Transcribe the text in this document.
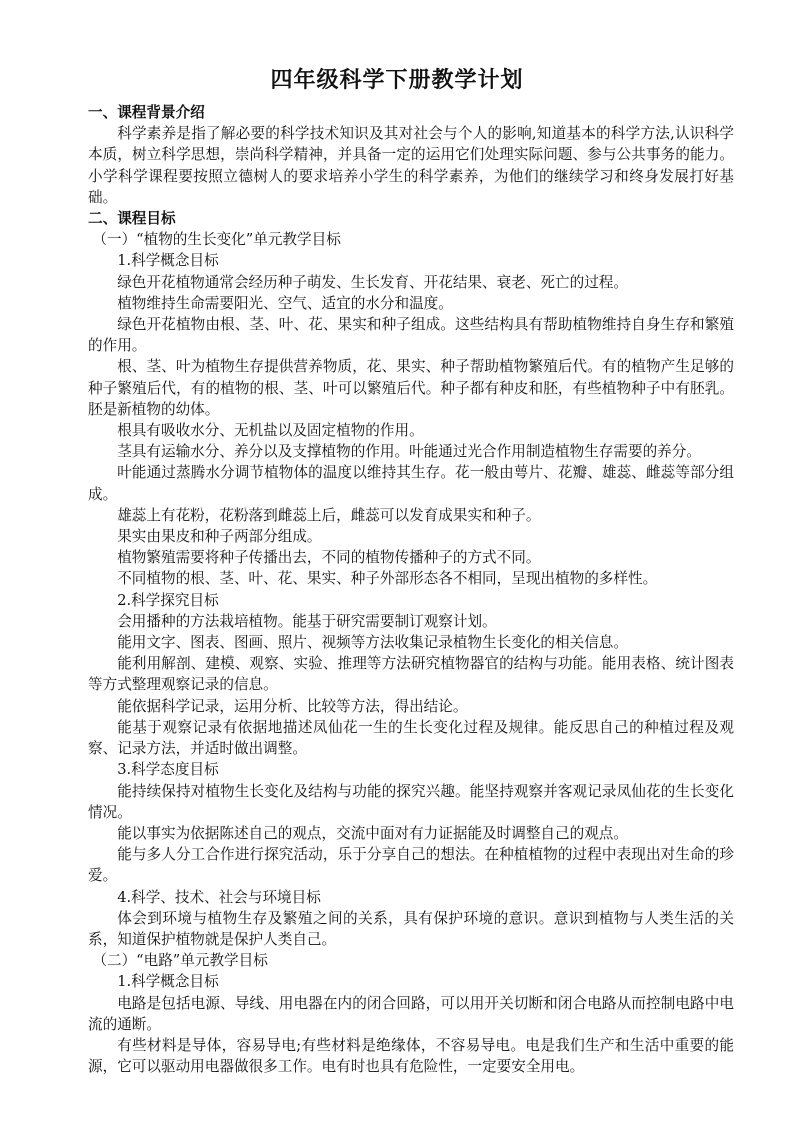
四年级科学下册教学计划

一、课程背景介绍

科学素养是指了解必要的科学技术知识及其对社会与个人的影响,知道基本的科学方法,认识科学本质，树立科学思想，崇尚科学精神，并具备一定的运用它们处理实际问题、参与公共事务的能力。小学科学课程要按照立德树人的要求培养小学生的科学素养，为他们的继续学习和终身发展打好基础。

二、课程目标

（一）“植物的生长变化”单元教学目标

1.科学概念目标

绿色开花植物通常会经历种子萌发、生长发育、开花结果、衰老、死亡的过程。

植物维持生命需要阳光、空气、适宜的水分和温度。

绿色开花植物由根、茎、叶、花、果实和种子组成。这些结构具有帮助植物维持自身生存和繁殖的作用。

根、茎、叶为植物生存提供营养物质，花、果实、种子帮助植物繁殖后代。有的植物产生足够的种子繁殖后代，有的植物的根、茎、叶可以繁殖后代。种子都有种皮和胚，有些植物种子中有胚乳。胚是新植物的幼体。

根具有吸收水分、无机盐以及固定植物的作用。

茎具有运输水分、养分以及支撑植物的作用。叶能通过光合作用制造植物生存需要的养分。

叶能通过蒸腾水分调节植物体的温度以维持其生存。花一般由萼片、花瓣、雄蕊、雌蕊等部分组成。

雄蕊上有花粉，花粉落到雌蕊上后，雌蕊可以发育成果实和种子。

果实由果皮和种子两部分组成。

植物繁殖需要将种子传播出去，不同的植物传播种子的方式不同。

不同植物的根、茎、叶、花、果实、种子外部形态各不相同，呈现出植物的多样性。

2.科学探究目标

会用播种的方法栽培植物。能基于研究需要制订观察计划。

能用文字、图表、图画、照片、视频等方法收集记录植物生长变化的相关信息。

能利用解剖、建模、观察、实验、推理等方法研究植物器官的结构与功能。能用表格、统计图表等方式整理观察记录的信息。

能依据科学记录，运用分析、比较等方法，得出结论。

能基于观察记录有依据地描述凤仙花一生的生长变化过程及规律。能反思自己的种植过程及观察、记录方法，并适时做出调整。

3.科学态度目标

能持续保持对植物生长变化及结构与功能的探究兴趣。能坚持观察并客观记录凤仙花的生长变化情况。

能以事实为依据陈述自己的观点，交流中面对有力证据能及时调整自己的观点。

能与多人分工合作进行探究活动，乐于分享自己的想法。在种植植物的过程中表现出对生命的珍爱。

4.科学、技术、社会与环境目标

体会到环境与植物生存及繁殖之间的关系，具有保护环境的意识。意识到植物与人类生活的关系，知道保护植物就是保护人类自己。

（二）“电路”单元教学目标

1.科学概念目标

电路是包括电源、导线、用电器在内的闭合回路，可以用开关切断和闭合电路从而控制电路中电流的通断。

有些材料是导体，容易导电;有些材料是绝缘体，不容易导电。电是我们生产和生活中重要的能源，它可以驱动用电器做很多工作。电有时也具有危险性，一定要安全用电。
